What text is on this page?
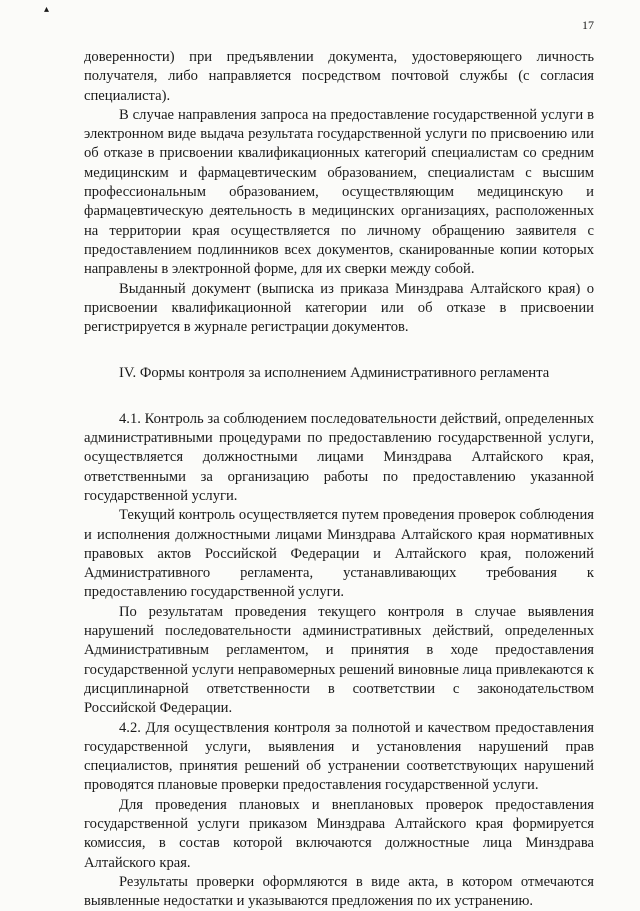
▴
17

доверенности) при предъявлении документа, удостоверяющего личность получателя, либо направляется посредством почтовой службы (с согласия специалиста).

В случае направления запроса на предоставление государственной услуги в электронном виде выдача результата государственной услуги по присвоению или об отказе в присвоении квалификационных категорий специалистам со средним медицинским и фармацевтическим образованием, специалистам с высшим профессиональным образованием, осуществляющим медицинскую и фармацевтическую деятельность в медицинских организациях, расположенных на территории края осуществляется по личному обращению заявителя с предоставлением подлинников всех документов, сканированные копии которых направлены в электронной форме, для их сверки между собой.

Выданный документ (выписка из приказа Минздрава Алтайского края) о присвоении квалификационной категории или об отказе в присвоении регистрируется в журнале регистрации документов.

IV. Формы контроля за исполнением Административного регламента

4.1. Контроль за соблюдением последовательности действий, определенных административными процедурами по предоставлению государственной услуги, осуществляется должностными лицами Минздрава Алтайского края, ответственными за организацию работы по предоставлению указанной государственной услуги.

Текущий контроль осуществляется путем проведения проверок соблюдения и исполнения должностными лицами Минздрава Алтайского края нормативных правовых актов Российской Федерации и Алтайского края, положений Административного регламента, устанавливающих требования к предоставлению государственной услуги.

По результатам проведения текущего контроля в случае выявления нарушений последовательности административных действий, определенных Административным регламентом, и принятия в ходе предоставления государственной услуги неправомерных решений виновные лица привлекаются к дисциплинарной ответственности в соответствии с законодательством Российской Федерации.

4.2. Для осуществления контроля за полнотой и качеством предоставления государственной услуги, выявления и установления нарушений прав специалистов, принятия решений об устранении соответствующих нарушений проводятся плановые проверки предоставления государственной услуги.

Для проведения плановых и внеплановых проверок предоставления государственной услуги приказом Минздрава Алтайского края формируется комиссия, в состав которой включаются должностные лица Минздрава Алтайского края.

Результаты проверки оформляются в виде акта, в котором отмечаются выявленные недостатки и указываются предложения по их устранению.
